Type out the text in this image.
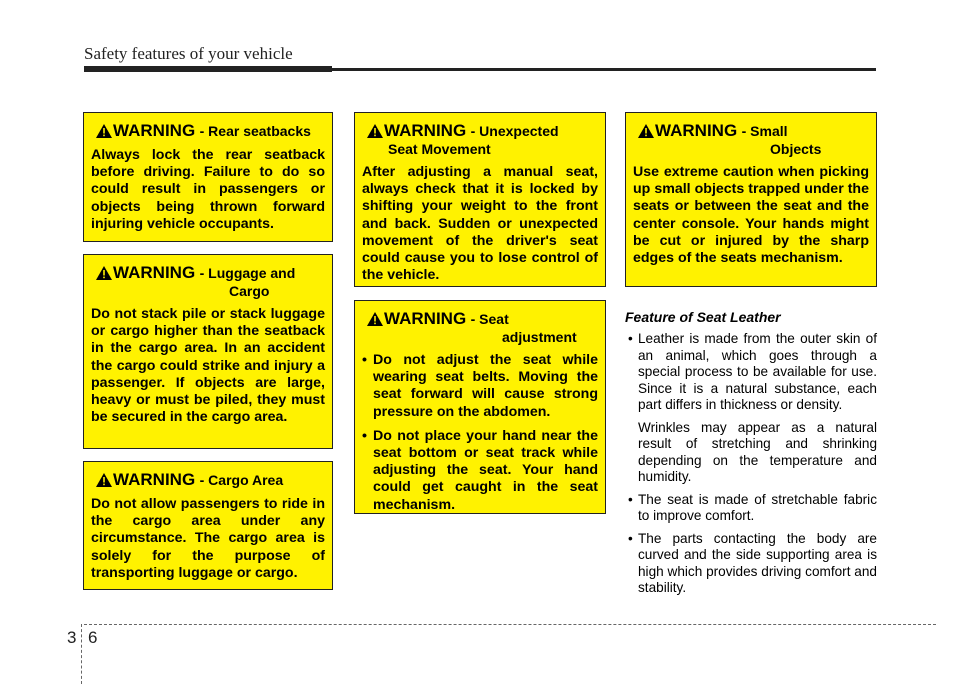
Safety features of your vehicle
WARNING - Rear seatbacks
Always lock the rear seatback before driving. Failure to do so could result in passengers or objects being thrown forward injuring vehicle occupants.
WARNING - Luggage and
Cargo
Do not stack pile or stack luggage or cargo higher than the seatback in the cargo area. In an accident the cargo could strike and injury a passenger. If objects are large, heavy or must be piled, they must be secured in the cargo area.
WARNING - Cargo Area
Do not allow passengers to ride in the cargo area under any circumstance. The cargo area is solely for the purpose of transporting luggage or cargo.
WARNING - Unexpected
Seat Movement
After adjusting a manual seat, always check that it is locked by shifting your weight to the front and back. Sudden or unexpected movement of the driver's seat could cause you to lose control of the vehicle.
WARNING - Seat
adjustment
• Do not adjust the seat while wearing seat belts. Moving the seat forward will cause strong pressure on the abdomen.
• Do not place your hand near the seat bottom or seat track while adjusting the seat. Your hand could get caught in the seat mechanism.
WARNING - Small
Objects
Use extreme caution when picking up small objects trapped under the seats or between the seat and the center console. Your hands might be cut or injured by the sharp edges of the seats mechanism.
Feature of Seat Leather
• Leather is made from the outer skin of an animal, which goes through a special process to be available for use. Since it is a natural substance, each part differs in thickness or density.

Wrinkles may appear as a natural result of stretching and shrinking depending on the temperature and humidity.

• The seat is made of stretchable fabric to improve comfort.
• The parts contacting the body are curved and the side supporting area is high which provides driving comfort and stability.
3 6
